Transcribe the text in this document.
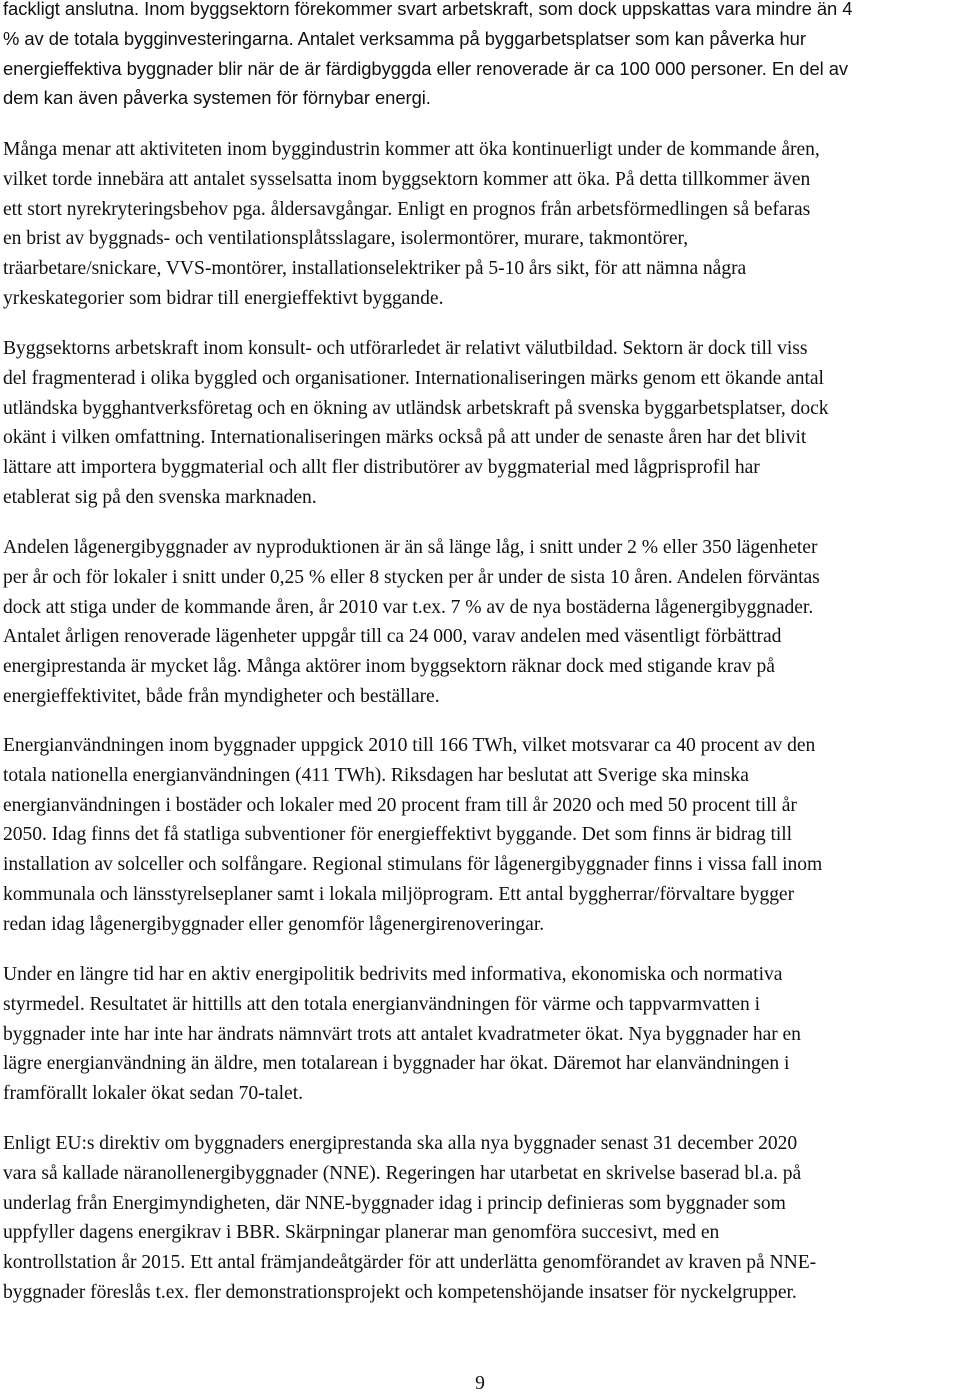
fackligt anslutna. Inom byggsektorn förekommer svart arbetskraft, som dock uppskattas vara mindre än 4
% av de totala bygginvesteringarna. Antalet verksamma på byggarbetsplatser som kan påverka hur
energieffektiva byggnader blir när de är färdigbyggda eller renoverade är ca 100 000 personer. En del av
dem kan även påverka systemen för förnybar energi.

Många menar att aktiviteten inom byggindustrin kommer att öka kontinuerligt under de kommande åren,
vilket torde innebära att antalet sysselsatta inom byggsektorn kommer att öka. På detta tillkommer även
ett stort nyrekryteringsbehov pga. åldersavgångar. Enligt en prognos från arbetsförmedlingen så befaras
en brist av byggnads- och ventilationsplåtsslagare, isolermontörer, murare, takmontörer,
träarbetare/snickare, VVS-montörer, installationselektriker på 5-10 års sikt, för att nämna några
yrkeskategorier som bidrar till energieffektivt byggande.

Byggsektorns arbetskraft inom konsult- och utförarledet är relativt välutbildad. Sektorn är dock till viss
del fragmenterad i olika byggled och organisationer. Internationaliseringen märks genom ett ökande antal
utländska bygghantverksföretag och en ökning av utländsk arbetskraft på svenska byggarbetsplatser, dock
okänt i vilken omfattning. Internationaliseringen märks också på att under de senaste åren har det blivit
lättare att importera byggmaterial och allt fler distributörer av byggmaterial med lågprisprofil har
etablerat sig på den svenska marknaden.

Andelen lågenergibyggnader av nyproduktionen är än så länge låg, i snitt under 2 % eller 350 lägenheter
per år och för lokaler i snitt under 0,25 % eller 8 stycken per år under de sista 10 åren. Andelen förväntas
dock att stiga under de kommande åren, år 2010 var t.ex. 7 % av de nya bostäderna lågenergibyggnader.
Antalet årligen renoverade lägenheter uppgår till ca 24 000, varav andelen med väsentligt förbättrad
energiprestanda är mycket låg. Många aktörer inom byggsektorn räknar dock med stigande krav på
energieffektivitet, både från myndigheter och beställare.

Energianvändningen inom byggnader uppgick 2010 till 166 TWh, vilket motsvarar ca 40 procent av den
totala nationella energianvändningen (411 TWh). Riksdagen har beslutat att Sverige ska minska
energianvändningen i bostäder och lokaler med 20 procent fram till år 2020 och med 50 procent till år
2050. Idag finns det få statliga subventioner för energieffektivt byggande. Det som finns är bidrag till
installation av solceller och solfångare. Regional stimulans för lågenergibyggnader finns i vissa fall inom
kommunala och länsstyrelseplaner samt i lokala miljöprogram. Ett antal byggherrar/förvaltare bygger
redan idag lågenergibyggnader eller genomför lågenergirenoveringar.

Under en längre tid har en aktiv energipolitik bedrivits med informativa, ekonomiska och normativa
styrmedel. Resultatet är hittills att den totala energianvändningen för värme och tappvarmvatten i
byggnader inte har inte har ändrats nämnvärt trots att antalet kvadratmeter ökat. Nya byggnader har en
lägre energianvändning än äldre, men totalarean i byggnader har ökat. Däremot har elanvändningen i
framförallt lokaler ökat sedan 70-talet.

Enligt EU:s direktiv om byggnaders energiprestanda ska alla nya byggnader senast 31 december 2020
vara så kallade näranollenergibyggnader (NNE). Regeringen har utarbetat en skrivelse baserad bl.a. på
underlag från Energimyndigheten, där NNE-byggnader idag i princip definieras som byggnader som
uppfyller dagens energikrav i BBR. Skärpningar planerar man genomföra succesivt, med en
kontrollstation år 2015. Ett antal främjandeåtgärder för att underlätta genomförandet av kraven på NNE-
byggnader föreslås t.ex. fler demonstrationsprojekt och kompetenshöjande insatser för nyckelgrupper.

9
